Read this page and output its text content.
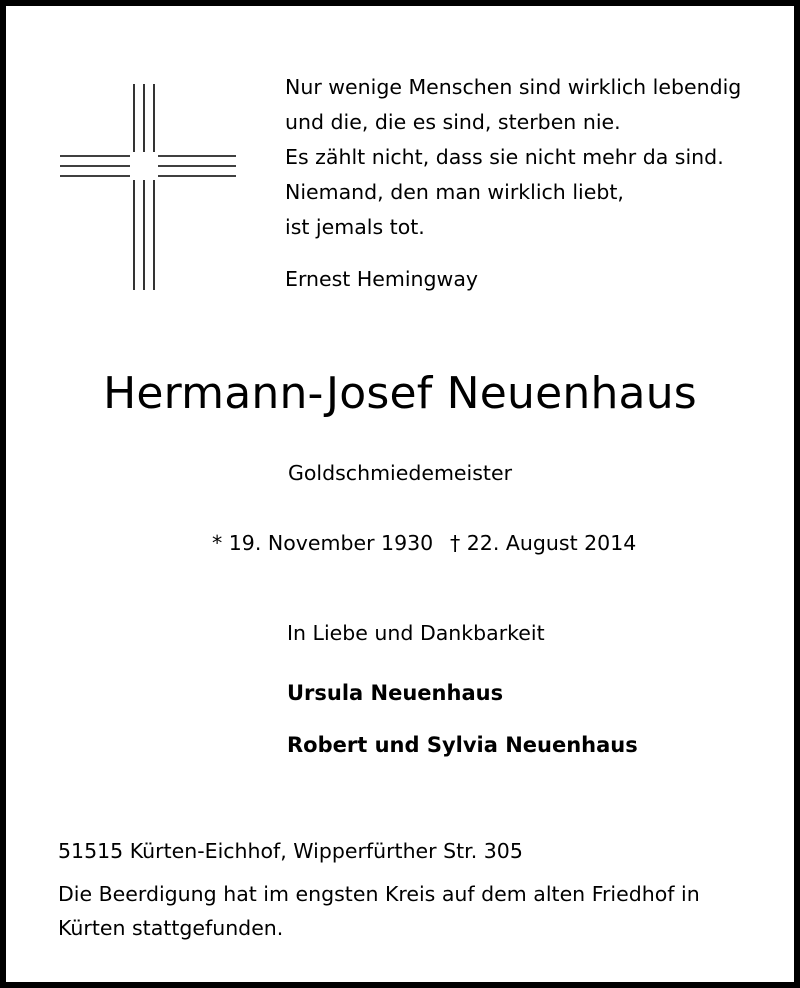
Nur wenige Menschen sind wirklich lebendig
und die, die es sind, sterben nie.
Es zählt nicht, dass sie nicht mehr da sind.
Niemand, den man wirklich liebt,
ist jemals tot.
Ernest Hemingway
Hermann-Josef Neuenhaus
Goldschmiedemeister
* 19. November 1930 † 22. August 2014
In Liebe und Dankbarkeit
Ursula Neuenhaus
Robert und Sylvia Neuenhaus
51515 Kürten-Eichhof, Wipperfürther Str. 305
Die Beerdigung hat im engsten Kreis auf dem alten Friedhof in
Kürten stattgefunden.
